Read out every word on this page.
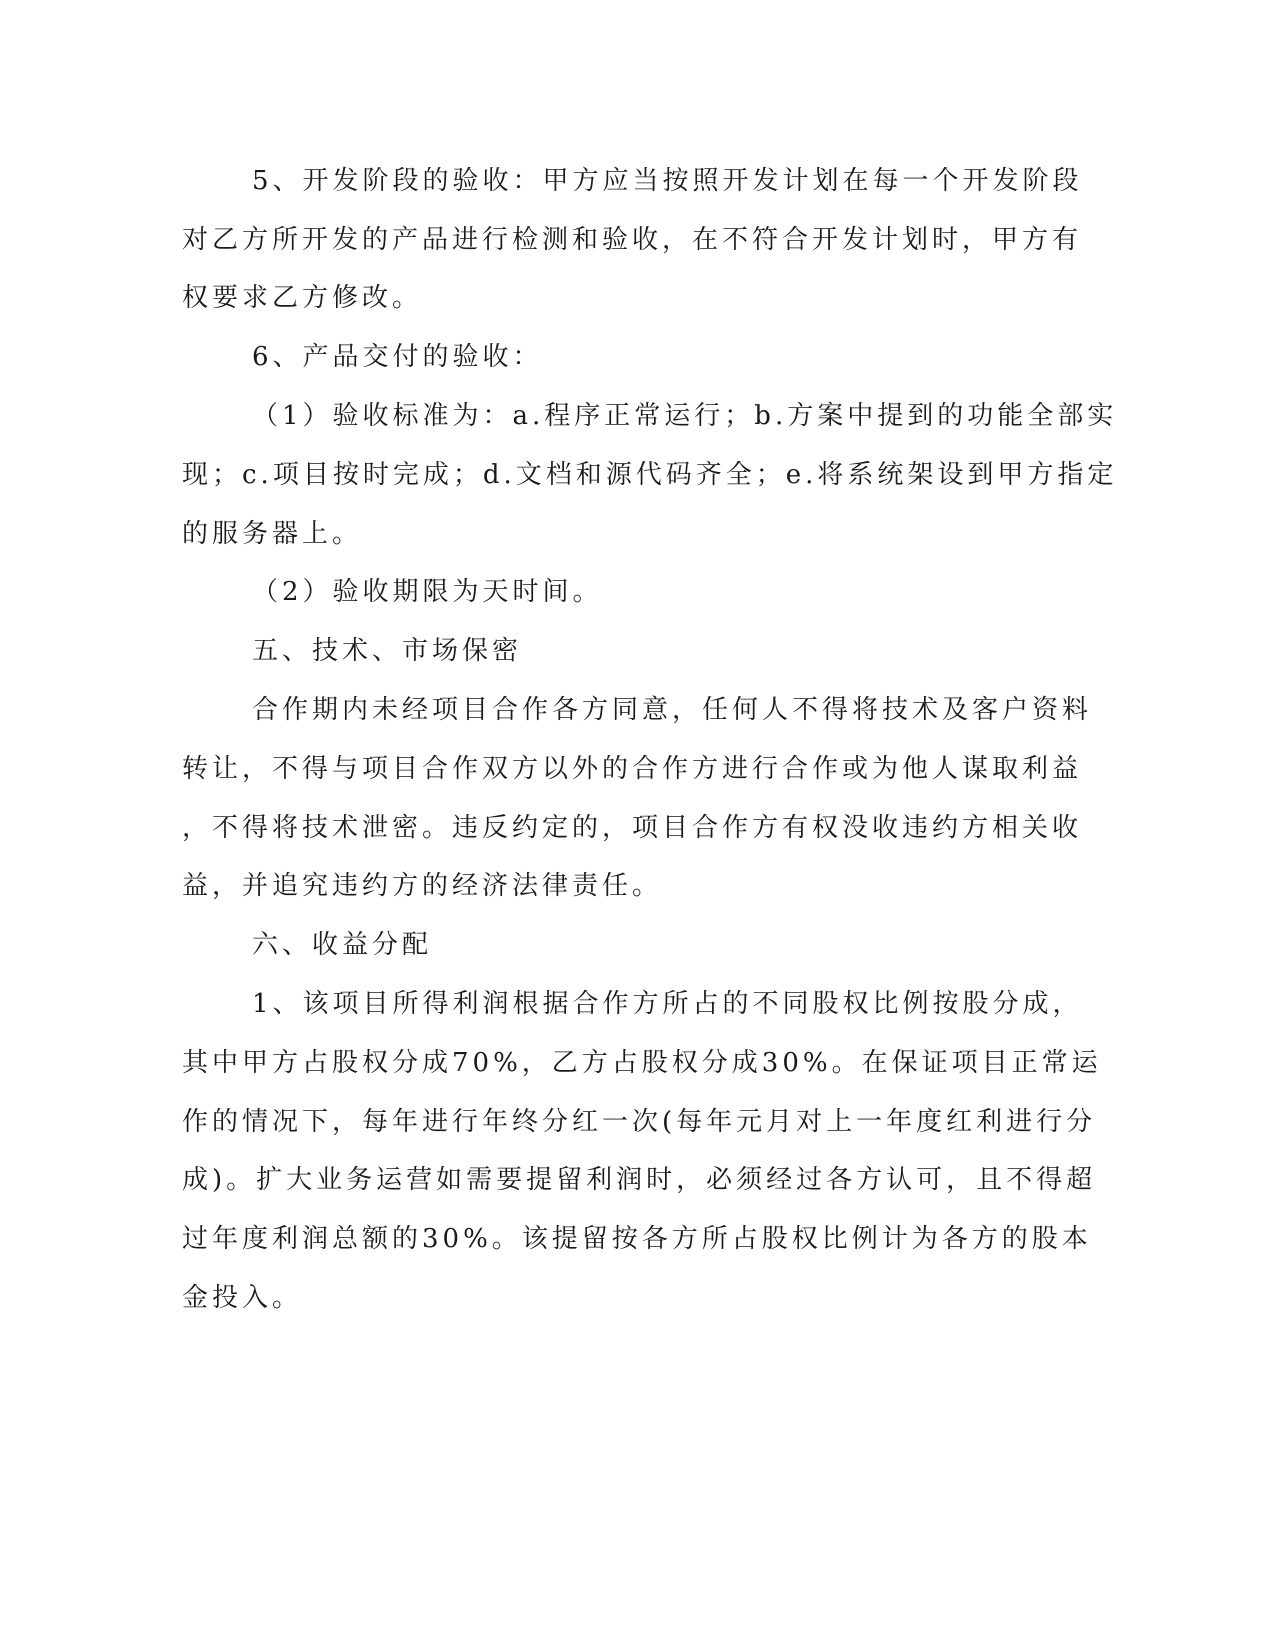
5、开发阶段的验收：甲方应当按照开发计划在每一个开发阶段
对乙方所开发的产品进行检测和验收，在不符合开发计划时，甲方有
权要求乙方修改。
6、产品交付的验收：
（1）验收标准为：a.程序正常运行；b.方案中提到的功能全部实
现；c.项目按时完成；d.文档和源代码齐全；e.将系统架设到甲方指定
的服务器上。
（2）验收期限为天时间。
五、技术、市场保密
合作期内未经项目合作各方同意，任何人不得将技术及客户资料
转让，不得与项目合作双方以外的合作方进行合作或为他人谋取利益
，不得将技术泄密。违反约定的，项目合作方有权没收违约方相关收
益，并追究违约方的经济法律责任。
六、收益分配
1、该项目所得利润根据合作方所占的不同股权比例按股分成，
其中甲方占股权分成70%，乙方占股权分成30%。在保证项目正常运
作的情况下，每年进行年终分红一次(每年元月对上一年度红利进行分
成)。扩大业务运营如需要提留利润时，必须经过各方认可，且不得超
过年度利润总额的30%。该提留按各方所占股权比例计为各方的股本
金投入。
